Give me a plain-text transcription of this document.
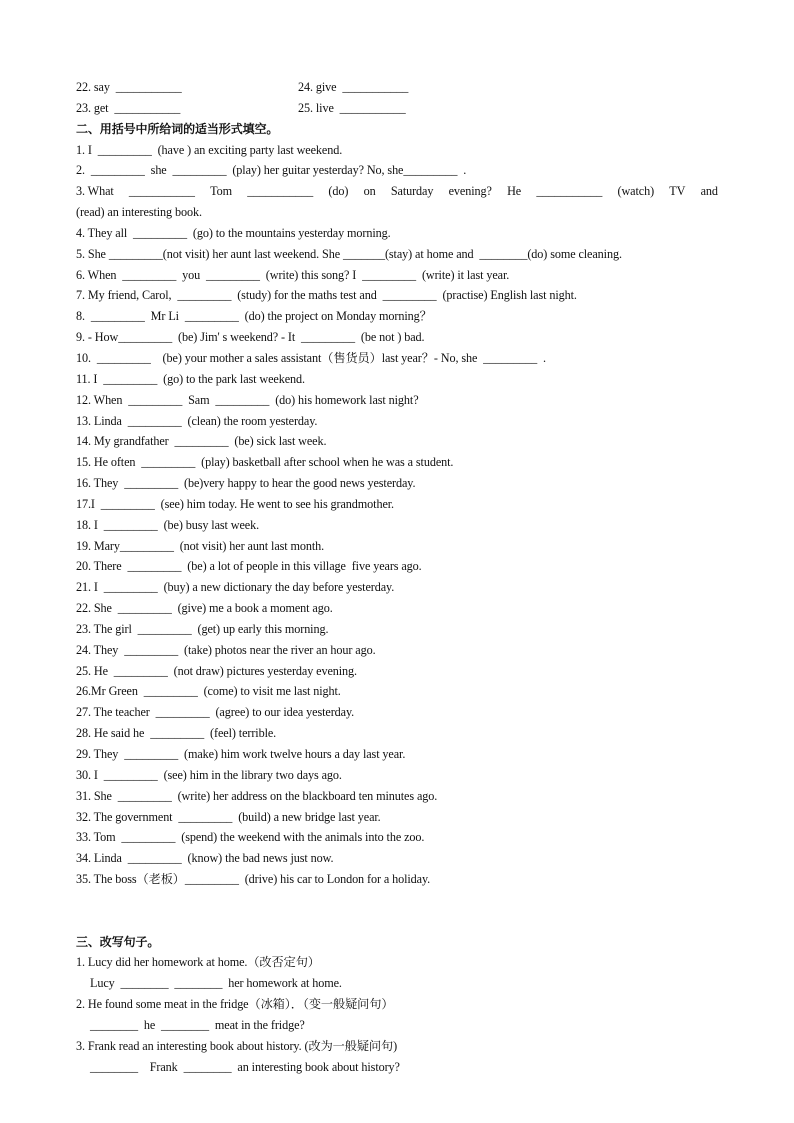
22. say  ___________	24. give  ___________
23. get  ___________	25. live  ___________
二、用括号中所给词的适当形式填空。
1. I  _________  (have ) an exciting party last weekend.
2.  _________  she  _________  (play) her guitar yesterday? No, she_________  .
3. What ___________ Tom ___________ (do) on Saturday evening? He ___________ (watch) TV and
(read) an interesting book.
4. They all  _________  (go) to the mountains yesterday morning.
5. She _________(not visit) her aunt last weekend. She _______(stay) at home and  ________(do) some cleaning.
6. When  _________  you  _________  (write) this song? I  _________  (write) it last year.
7. My friend, Carol,  _________  (study) for the maths test and  _________  (practise) English last night.
8.  _________  Mr Li  _________  (do) the project on Monday morning？
9. - How_________  (be) Jim' s weekend? - It  _________  (be not ) bad.
10.  _________    (be) your mother a sales assistant（售货员）last year？- No, she  _________  .
11. I  _________  (go) to the park last weekend.
12. When  _________  Sam  _________  (do) his homework last night?
13. Linda  _________  (clean) the room yesterday.
14. My grandfather  _________  (be) sick last week.
15. He often  _________  (play) basketball after school when he was a student.
16. They  _________  (be)very happy to hear the good news yesterday.
17.I  _________  (see) him today. He went to see his grandmother.
18. I  _________  (be) busy last week.
19. Mary_________  (not visit) her aunt last month.
20. There  _________  (be) a lot of people in this village  five years ago.
21. I  _________  (buy) a new dictionary the day before yesterday.
22. She  _________  (give) me a book a moment ago.
23. The girl  _________  (get) up early this morning.
24. They  _________  (take) photos near the river an hour ago.
25. He  _________  (not draw) pictures yesterday evening.
26.Mr Green  _________  (come) to visit me last night.
27. The teacher  _________  (agree) to our idea yesterday.
28. He said he  _________  (feel) terrible.
29. They  _________  (make) him work twelve hours a day last year.
30. I  _________  (see) him in the library two days ago.
31. She  _________  (write) her address on the blackboard ten minutes ago.
32. The government  _________  (build) a new bridge last year.
33. Tom  _________  (spend) the weekend with the animals into the zoo.
34. Linda  _________  (know) the bad news just now.
35. The boss（老板）_________  (drive) his car to London for a holiday.
三、改写句子。
1. Lucy did her homework at home.（改否定句）
Lucy  ________  ________  her homework at home.
2. He found some meat in the fridge（冰箱）．（变一般疑问句）
________  he  ________  meat in the fridge?
3. Frank read an interesting book about history. (改为一般疑问句)
________    Frank  ________  an interesting book about history?
